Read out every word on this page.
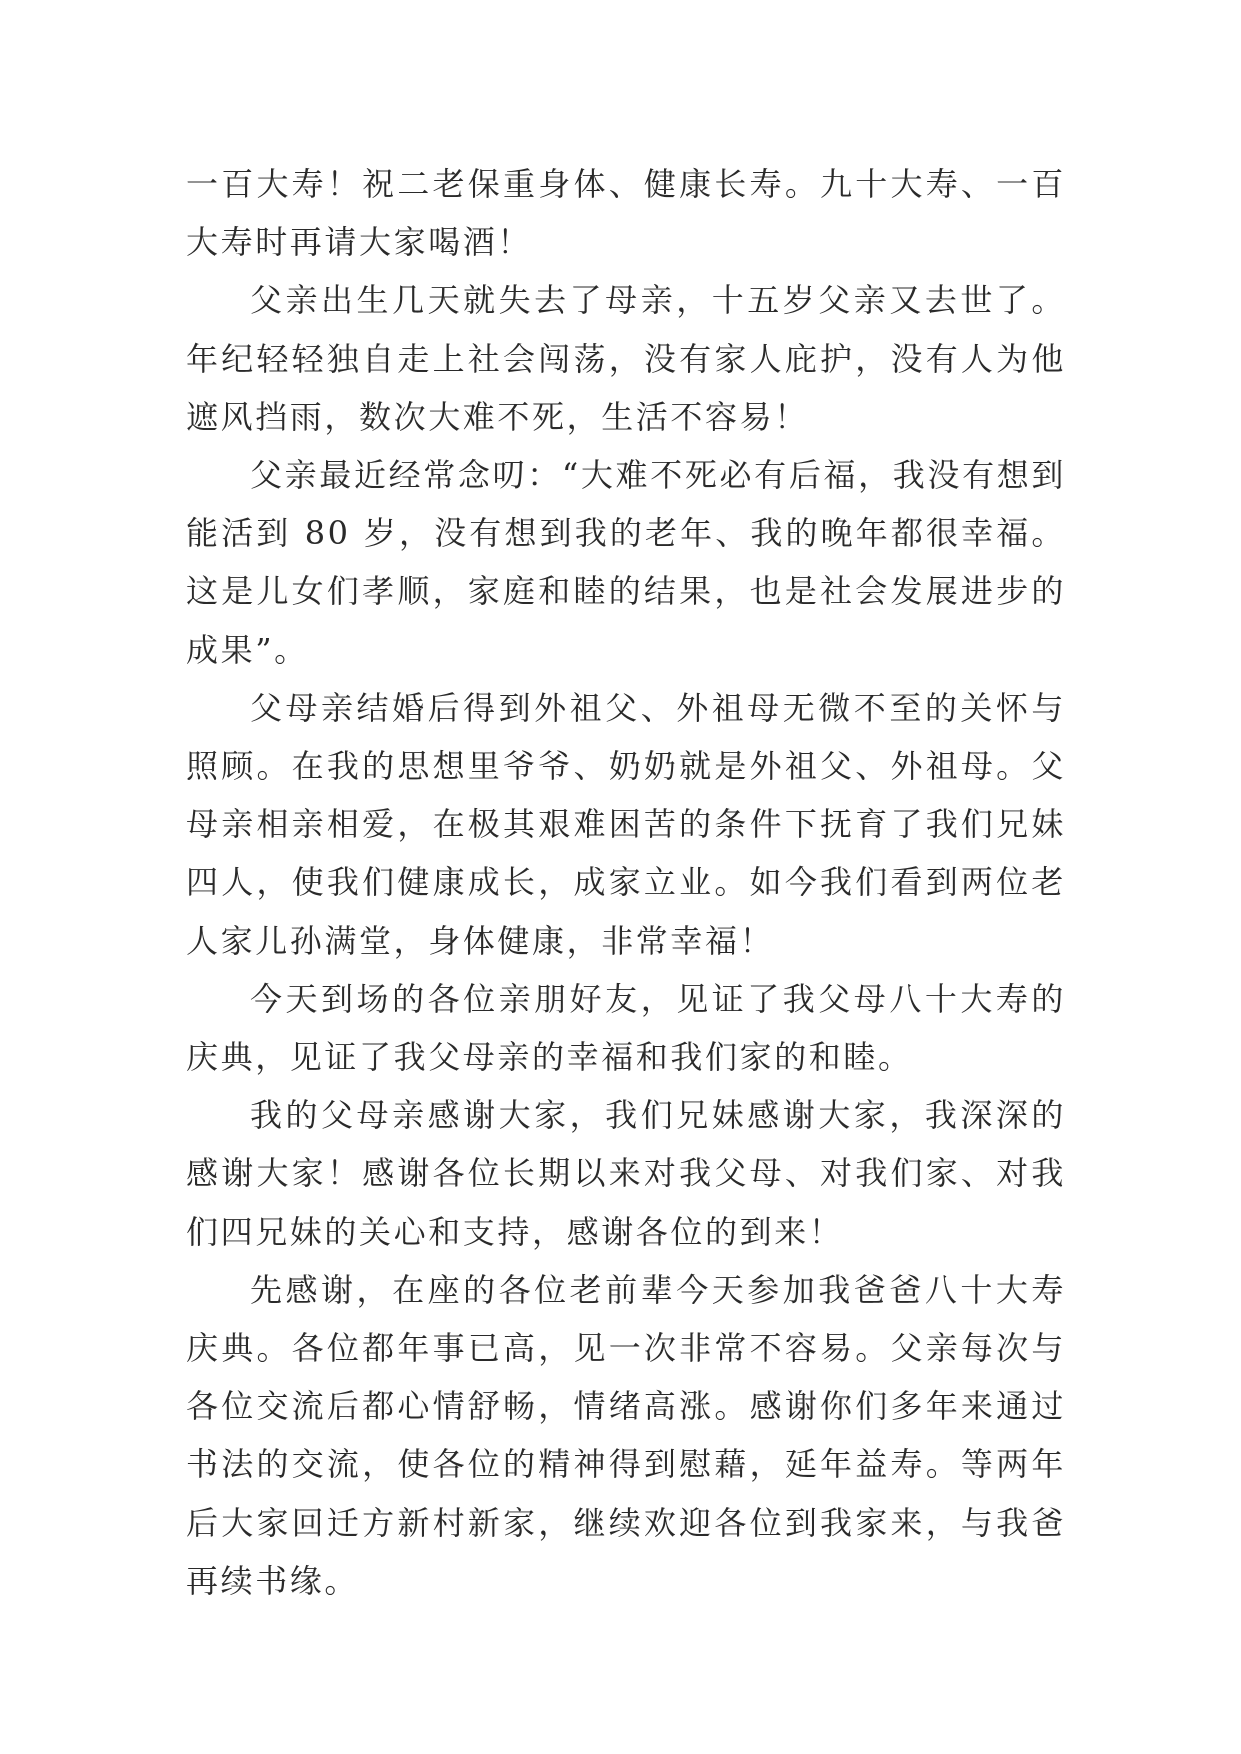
一百大寿！祝二老保重身体、健康长寿。九十大寿、一百大寿时再请大家喝酒！

父亲出生几天就失去了母亲，十五岁父亲又去世了。年纪轻轻独自走上社会闯荡，没有家人庇护，没有人为他遮风挡雨，数次大难不死，生活不容易！

父亲最近经常念叨：“大难不死必有后福，我没有想到能活到 80 岁，没有想到我的老年、我的晚年都很幸福。这是儿女们孝顺，家庭和睦的结果，也是社会发展进步的成果”。

父母亲结婚后得到外祖父、外祖母无微不至的关怀与照顾。在我的思想里爷爷、奶奶就是外祖父、外祖母。父母亲相亲相爱，在极其艰难困苦的条件下抚育了我们兄妹四人，使我们健康成长，成家立业。如今我们看到两位老人家儿孙满堂，身体健康，非常幸福！

今天到场的各位亲朋好友，见证了我父母八十大寿的庆典，见证了我父母亲的幸福和我们家的和睦。

我的父母亲感谢大家，我们兄妹感谢大家，我深深的感谢大家！感谢各位长期以来对我父母、对我们家、对我们四兄妹的关心和支持，感谢各位的到来！

先感谢，在座的各位老前辈今天参加我爸爸八十大寿庆典。各位都年事已高，见一次非常不容易。父亲每次与各位交流后都心情舒畅，情绪高涨。感谢你们多年来通过书法的交流，使各位的精神得到慰藉，延年益寿。等两年后大家回迁方新村新家，继续欢迎各位到我家来，与我爸再续书缘。
